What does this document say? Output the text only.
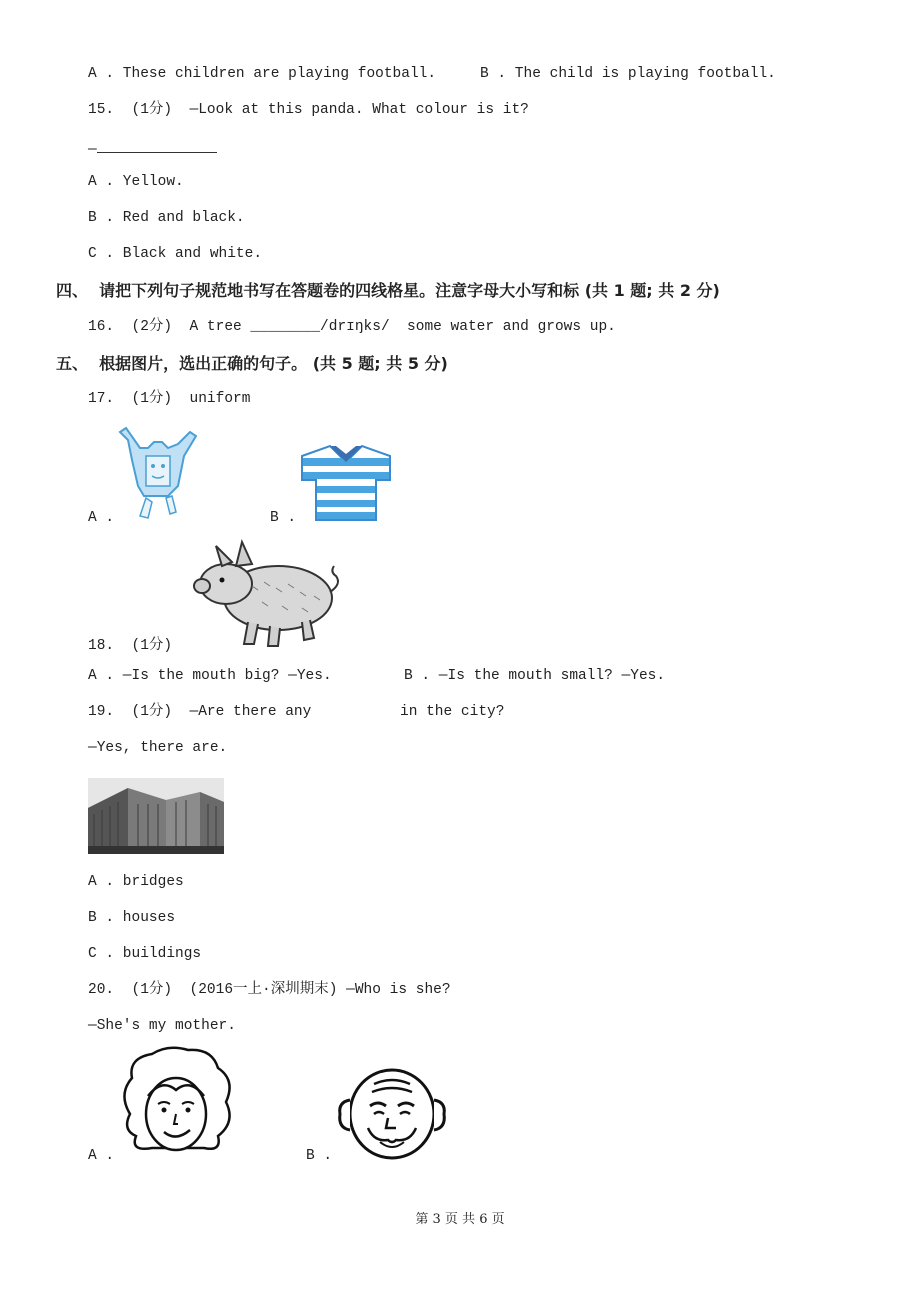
A . These children are playing football.	B . The child is playing football.
15.  (1分)  —Look at this panda. What colour is it?
—
A . Yellow.
B . Red and black.
C . Black and white.
四、  请把下列句子规范地书写在答题卷的四线格星。注意字母大小写和标 (共 1 题; 共 2 分)
16.  (2分)  A tree ________/drɪŋks/  some water and grows up.
五、  根据图片，选出正确的句子。 (共 5 题; 共 5 分)
17.  (1分)  uniform
A .	B .
18.  (1分)
A . —Is the mouth big? —Yes.	B . —Is the mouth small? —Yes.
19.  (1分)  —Are there any	in the city?
—Yes, there are.
A . bridges
B . houses
C . buildings
20.  (1分)  (2016一上·深圳期末) —Who is she?
—She's my mother.
A .	B .
第 3 页 共 6 页
